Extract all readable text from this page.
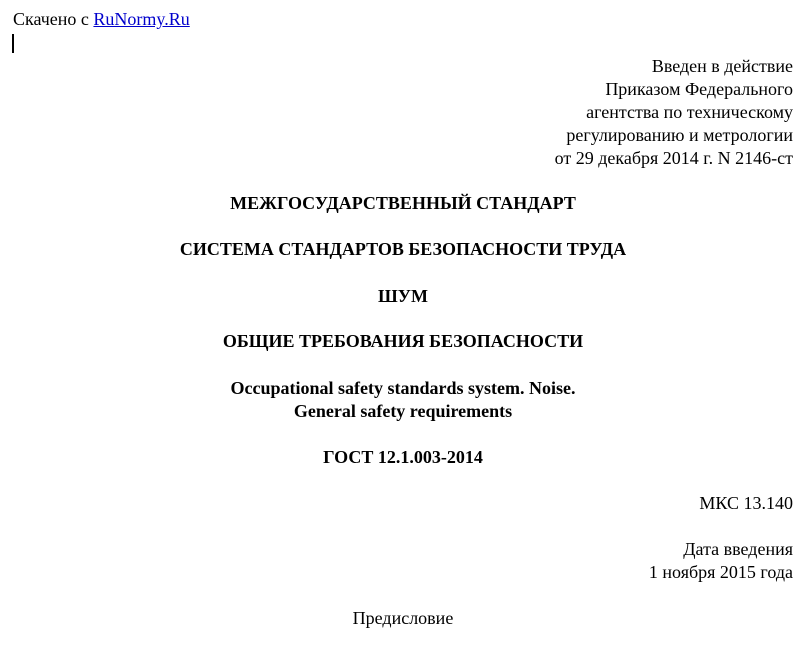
Скачено с RuNormy.Ru
Введен в действие
Приказом Федерального
агентства по техническому
регулированию и метрологии
от 29 декабря 2014 г. N 2146-ст
МЕЖГОСУДАРСТВЕННЫЙ СТАНДАРТ
СИСТЕМА СТАНДАРТОВ БЕЗОПАСНОСТИ ТРУДА
ШУМ
ОБЩИЕ ТРЕБОВАНИЯ БЕЗОПАСНОСТИ
Occupational safety standards system. Noise.
General safety requirements
ГОСТ 12.1.003-2014
МКС 13.140
Дата введения
1 ноября 2015 года
Предисловие
